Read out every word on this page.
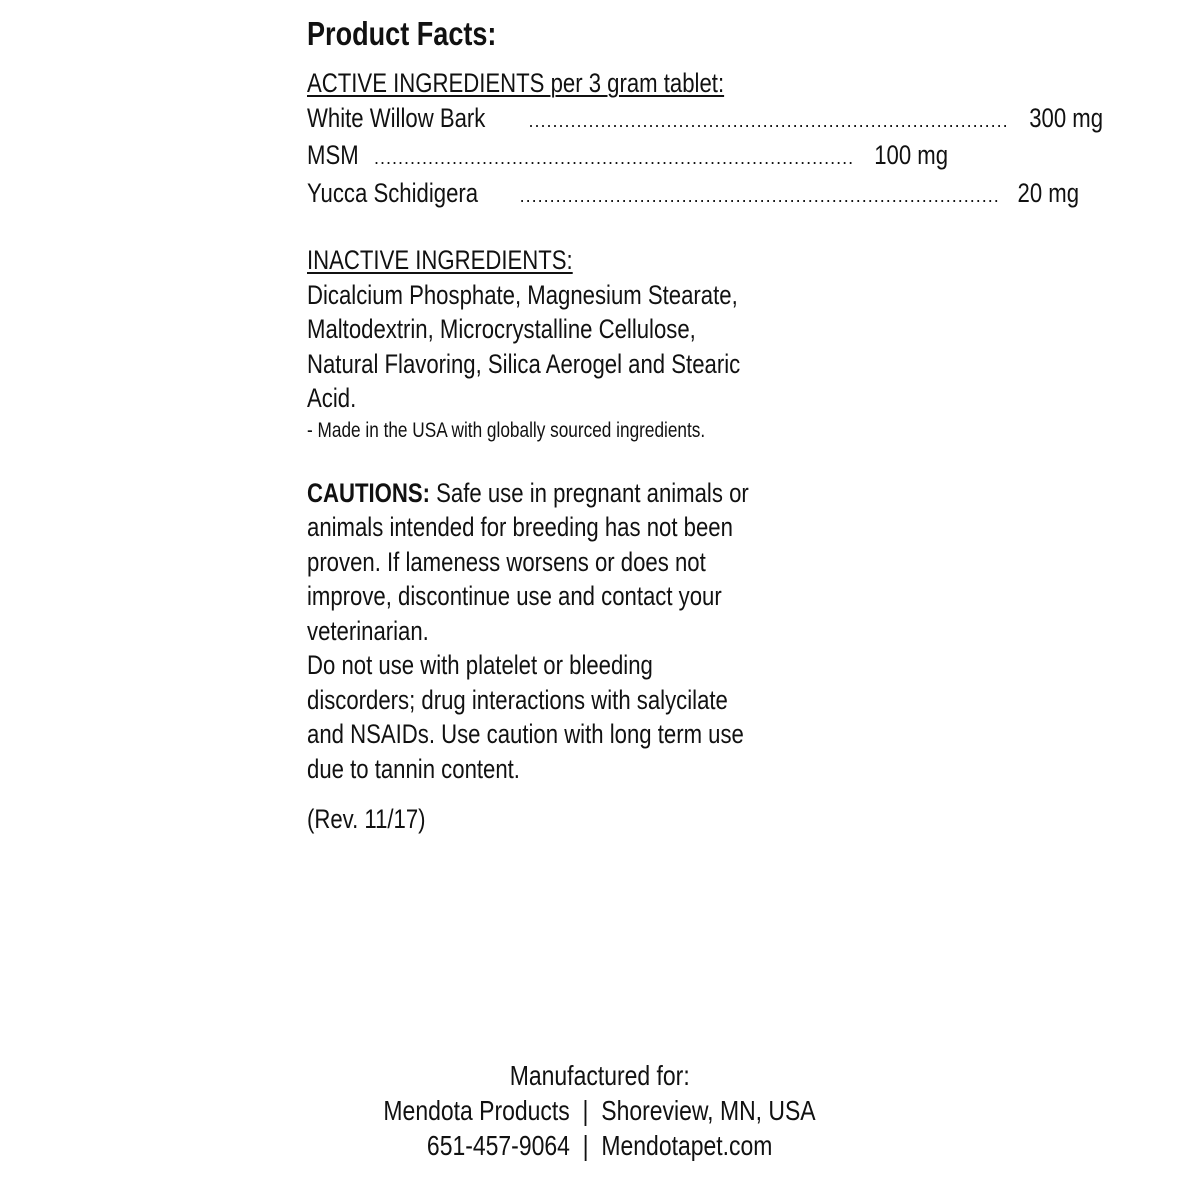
Product Facts:
ACTIVE INGREDIENTS per 3 gram tablet:
White Willow Bark ................................................................................ 300 mg
MSM ................................................................................ 100 mg
Yucca Schidigera ................................................................................ 20 mg
INACTIVE INGREDIENTS:
Dicalcium Phosphate, Magnesium Stearate,
Maltodextrin, Microcrystalline Cellulose,
Natural Flavoring, Silica Aerogel and Stearic
Acid.
- Made in the USA with globally sourced ingredients.
CAUTIONS: Safe use in pregnant animals or
animals intended for breeding has not been
proven. If lameness worsens or does not
improve, discontinue use and contact your
veterinarian.
Do not use with platelet or bleeding
discorders; drug interactions with salycilate
and NSAIDs. Use caution with long term use
due to tannin content.
(Rev. 11/17)
Manufactured for:
Mendota Products  |  Shoreview, MN, USA
651-457-9064  |  Mendotapet.com
